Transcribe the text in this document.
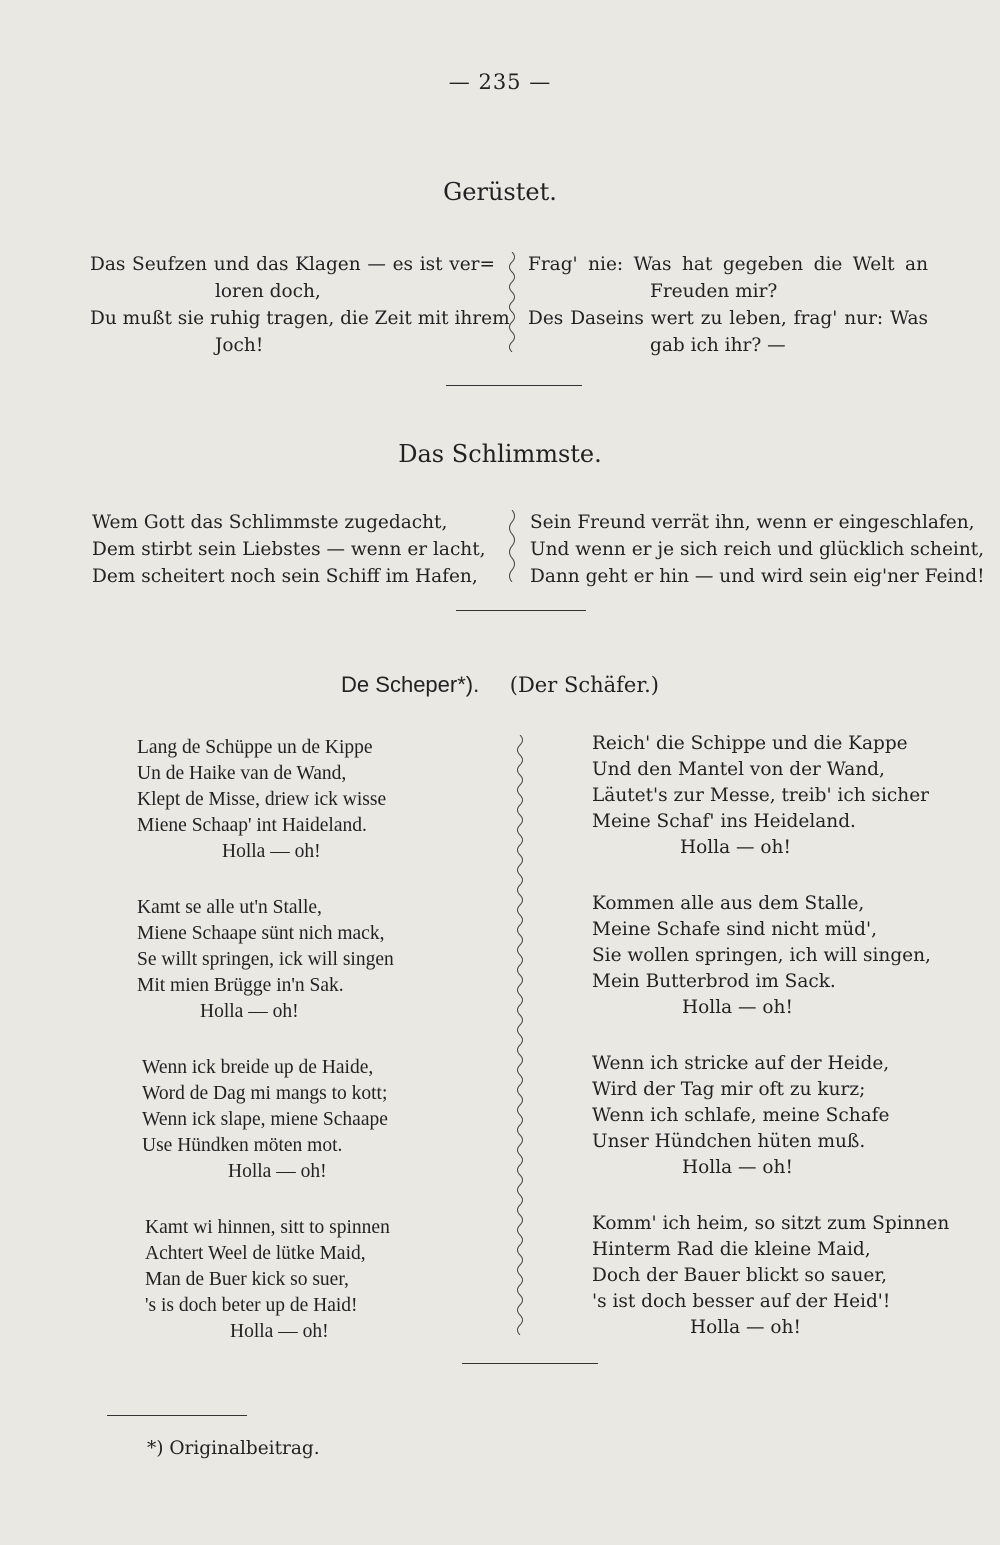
— 235 —
Gerüstet.
Das Seufzen und das Klagen — es ist ver=
loren doch,
Du mußt sie ruhig tragen, die Zeit mit ihrem
Joch!
Frag' nie: Was hat gegeben die Welt an
Freuden mir?
Des Daseins wert zu leben, frag' nur: Was
gab ich ihr? —
Das Schlimmste.
Wem Gott das Schlimmste zugedacht,
Dem stirbt sein Liebstes — wenn er lacht,
Dem scheitert noch sein Schiff im Hafen,
Sein Freund verrät ihn, wenn er eingeschlafen,
Und wenn er je sich reich und glücklich scheint,
Dann geht er hin — und wird sein eig'ner Feind!
De Scheper*). (Der Schäfer.)
Lang de Schüppe un de Kippe
Un de Haike van de Wand,
Klept de Misse, driew ick wisse
Miene Schaap' int Haideland.
Holla — oh!
Kamt se alle ut'n Stalle,
Miene Schaape sünt nich mack,
Se willt springen, ick will singen
Mit mien Brügge in'n Sak.
Holla — oh!
Wenn ick breide up de Haide,
Word de Dag mi mangs to kott;
Wenn ick slape, miene Schaape
Use Hündken möten mot.
Holla — oh!
Kamt wi hinnen, sitt to spinnen
Achtert Weel de lütke Maid,
Man de Buer kick so suer,
's is doch beter up de Haid!
Holla — oh!
Reich' die Schippe und die Kappe
Und den Mantel von der Wand,
Läutet's zur Messe, treib' ich sicher
Meine Schaf' ins Heideland.
Holla — oh!
Kommen alle aus dem Stalle,
Meine Schafe sind nicht müd',
Sie wollen springen, ich will singen,
Mein Butterbrod im Sack.
Holla — oh!
Wenn ich stricke auf der Heide,
Wird der Tag mir oft zu kurz;
Wenn ich schlafe, meine Schafe
Unser Hündchen hüten muß.
Holla — oh!
Komm' ich heim, so sitzt zum Spinnen
Hinterm Rad die kleine Maid,
Doch der Bauer blickt so sauer,
's ist doch besser auf der Heid'!
Holla — oh!
*) Originalbeitrag.
